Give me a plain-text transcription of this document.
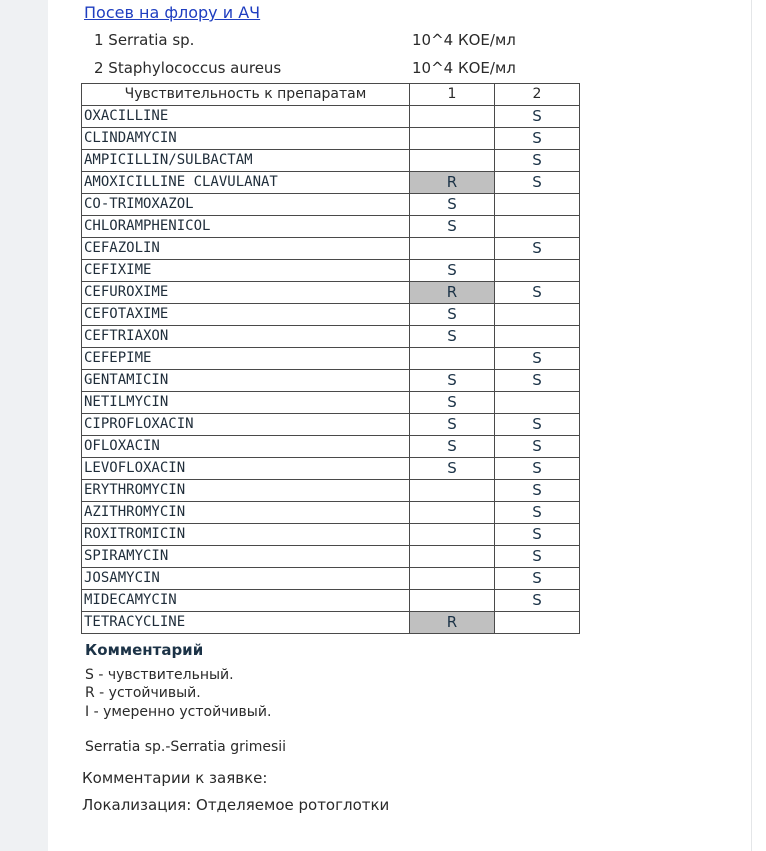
Посев на флору и АЧ
1 Serratia sp.	10^4 КОЕ/мл
2 Staphylococcus aureus	10^4 КОЕ/мл
Чувствительность к препаратам	1	2
OXACILLINE		S
CLINDAMYCIN		S
AMPICILLIN/SULBACTAM		S
AMOXICILLINE CLAVULANAT	R	S
CO-TRIMOXAZOL	S	
CHLORAMPHENICOL	S	
CEFAZOLIN		S
CEFIXIME	S	
CEFUROXIME	R	S
CEFOTAXIME	S	
CEFTRIAXON	S	
CEFEPIME		S
GENTAMICIN	S	S
NETILMYCIN	S	
CIPROFLOXACIN	S	S
OFLOXACIN	S	S
LEVOFLOXACIN	S	S
ERYTHROMYCIN		S
AZITHROMYCIN		S
ROXITROMICIN		S
SPIRAMYCIN		S
JOSAMYCIN		S
MIDECAMYCIN		S
TETRACYCLINE	R	
Комментарий
S - чувствительный.
R - устойчивый.
I - умеренно устойчивый.
Serratia sp.-Serratia grimesii
Комментарии к заявке:
Локализация: Отделяемое ротоглотки
